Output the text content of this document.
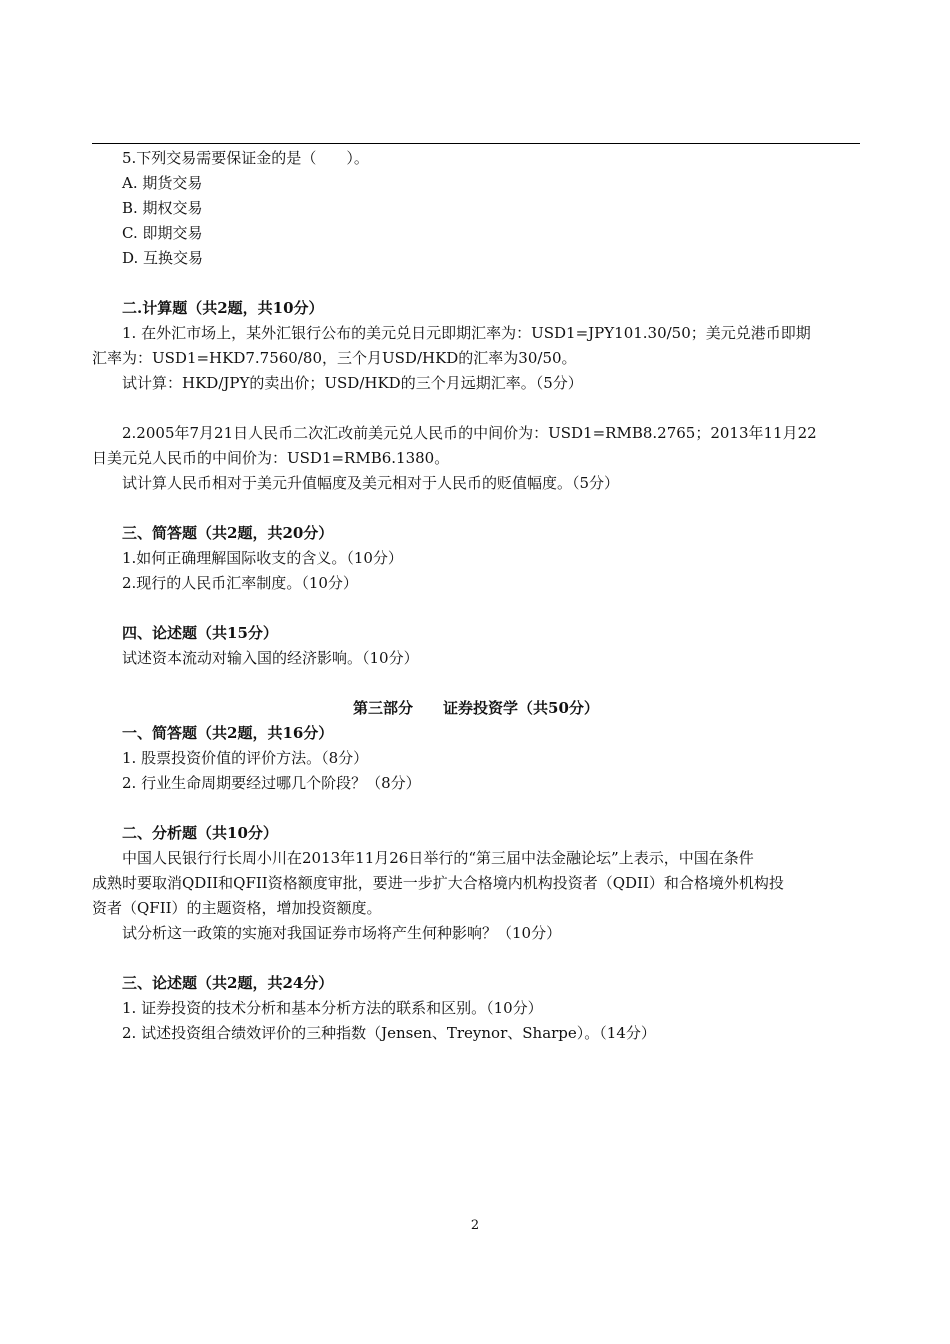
5.下列交易需要保证金的是（　　）。
A. 期货交易
B. 期权交易
C. 即期交易
D. 互换交易
二.计算题（共2题，共10分）
1. 在外汇市场上，某外汇银行公布的美元兑日元即期汇率为：USD1=JPY101.30/50；美元兑港币即期
汇率为：USD1=HKD7.7560/80，三个月USD/HKD的汇率为30/50。
试计算：HKD/JPY的卖出价；USD/HKD的三个月远期汇率。（5分）
2.2005年7月21日人民币二次汇改前美元兑人民币的中间价为：USD1=RMB8.2765；2013年11月22
日美元兑人民币的中间价为：USD1=RMB6.1380。
试计算人民币相对于美元升值幅度及美元相对于人民币的贬值幅度。（5分）
三、简答题（共2题，共20分）
1.如何正确理解国际收支的含义。（10分）
2.现行的人民币汇率制度。（10分）
四、论述题（共15分）
试述资本流动对输入国的经济影响。（10分）
第三部分　　证券投资学（共50分）
一、简答题（共2题，共16分）
1. 股票投资价值的评价方法。（8分）
2. 行业生命周期要经过哪几个阶段？（8分）
二、分析题（共10分）
中国人民银行行长周小川在2013年11月26日举行的“第三届中法金融论坛”上表示，中国在条件
成熟时要取消QDII和QFII资格额度审批，要进一步扩大合格境内机构投资者（QDII）和合格境外机构投
资者（QFII）的主题资格，增加投资额度。
试分析这一政策的实施对我国证券市场将产生何种影响？（10分）
三、论述题（共2题，共24分）
1. 证券投资的技术分析和基本分析方法的联系和区别。（10分）
2. 试述投资组合绩效评价的三种指数（Jensen、Treynor、Sharpe）。（14分）
2
